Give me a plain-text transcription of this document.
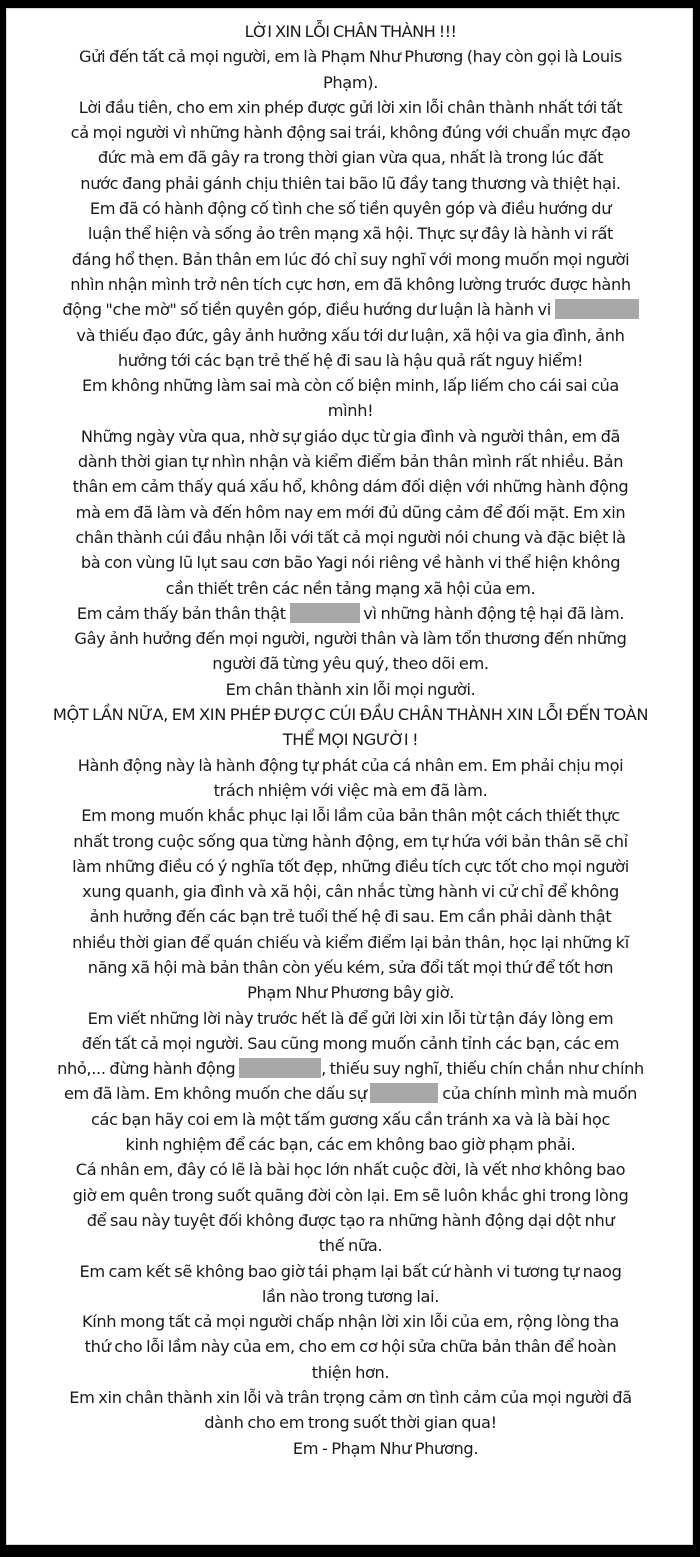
LỜI XIN LỖI CHÂN THÀNH !!!
Gửi đến tất cả mọi người, em là Phạm Như Phương (hay còn gọi là Louis
Phạm).
Lời đầu tiên, cho em xin phép được gửi lời xin lỗi chân thành nhất tới tất
cả mọi người vì những hành động sai trái, không đúng với chuẩn mực đạo
đức mà em đã gây ra trong thời gian vừa qua, nhất là trong lúc đất
nước đang phải gánh chịu thiên tai bão lũ đầy tang thương và thiệt hại.
Em đã có hành động cố tình che số tiền quyên góp và điều hướng dư
luận thể hiện và sống ảo trên mạng xã hội. Thực sự đây là hành vi rất
đáng hổ thẹn. Bản thân em lúc đó chỉ suy nghĩ với mong muốn mọi người
nhìn nhận mình trở nên tích cực hơn, em đã không lường trước được hành
động "che mờ" số tiền quyên góp, điều hướng dư luận là hành vi
và thiếu đạo đức, gây ảnh hưởng xấu tới dư luận, xã hội va gia đình, ảnh
hưởng tới các bạn trẻ thế hệ đi sau là hậu quả rất nguy hiểm!
Em không những làm sai mà còn cố biện minh, lấp liếm cho cái sai của
mình!
Những ngày vừa qua, nhờ sự giáo dục từ gia đình và người thân, em đã
dành thời gian tự nhìn nhận và kiểm điểm bản thân mình rất nhiều. Bản
thân em cảm thấy quá xấu hổ, không dám đối diện với những hành động
mà em đã làm và đến hôm nay em mới đủ dũng cảm để đối mặt. Em xin
chân thành cúi đầu nhận lỗi với tất cả mọi người nói chung và đặc biệt là
bà con vùng lũ lụt sau cơn bão Yagi nói riêng về hành vi thể hiện không
cần thiết trên các nền tảng mạng xã hội của em.
Em cảm thấy bản thân thật	vì những hành động tệ hại đã làm.
Gây ảnh hưởng đến mọi người, người thân và làm tổn thương đến những
người đã từng yêu quý, theo dõi em.
Em chân thành xin lỗi mọi người.
MỘT LẦN NỮA, EM XIN PHÉP ĐƯỢC CÚI ĐẦU CHÂN THÀNH XIN LỖI ĐẾN TOÀN
THỂ MỌI NGƯỜI !
Hành động này là hành động tự phát của cá nhân em. Em phải chịu mọi
trách nhiệm với việc mà em đã làm.
Em mong muốn khắc phục lại lỗi lầm của bản thân một cách thiết thực
nhất trong cuộc sống qua từng hành động, em tự hứa với bản thân sẽ chỉ
làm những điều có ý nghĩa tốt đẹp, những điều tích cực tốt cho mọi người
xung quanh, gia đình và xã hội, cân nhắc từng hành vi cử chỉ để không
ảnh hưởng đến các bạn trẻ tuổi thế hệ đi sau. Em cần phải dành thật
nhiều thời gian để quán chiếu và kiểm điểm lại bản thân, học lại những kĩ
năng xã hội mà bản thân còn yếu kém, sửa đổi tất mọi thứ để tốt hơn
Phạm Như Phương bây giờ.
Em viết những lời này trước hết là để gửi lời xin lỗi từ tận đáy lòng em
đến tất cả mọi người. Sau cũng mong muốn cảnh tỉnh các bạn, các em
nhỏ,... đừng hành động	, thiếu suy nghĩ, thiếu chín chắn như chính
em đã làm. Em không muốn che dấu sự	của chính mình mà muốn
các bạn hãy coi em là một tấm gương xấu cần tránh xa và là bài học
kinh nghiệm để các bạn, các em không bao giờ phạm phải.
Cá nhân em, đây có lẽ là bài học lớn nhất cuộc đời, là vết nhơ không bao
giờ em quên trong suốt quãng đời còn lại. Em sẽ luôn khắc ghi trong lòng
để sau này tuyệt đối không được tạo ra những hành động dại dột như
thế nữa.
Em cam kết sẽ không bao giờ tái phạm lại bất cứ hành vi tương tự naog
lần nào trong tương lai.
Kính mong tất cả mọi người chấp nhận lời xin lỗi của em, rộng lòng tha
thứ cho lỗi lầm này của em, cho em cơ hội sửa chữa bản thân để hoàn
thiện hơn.
Em xin chân thành xin lỗi và trân trọng cảm ơn tình cảm của mọi người đã
dành cho em trong suốt thời gian qua!
Em - Phạm Như Phương.
